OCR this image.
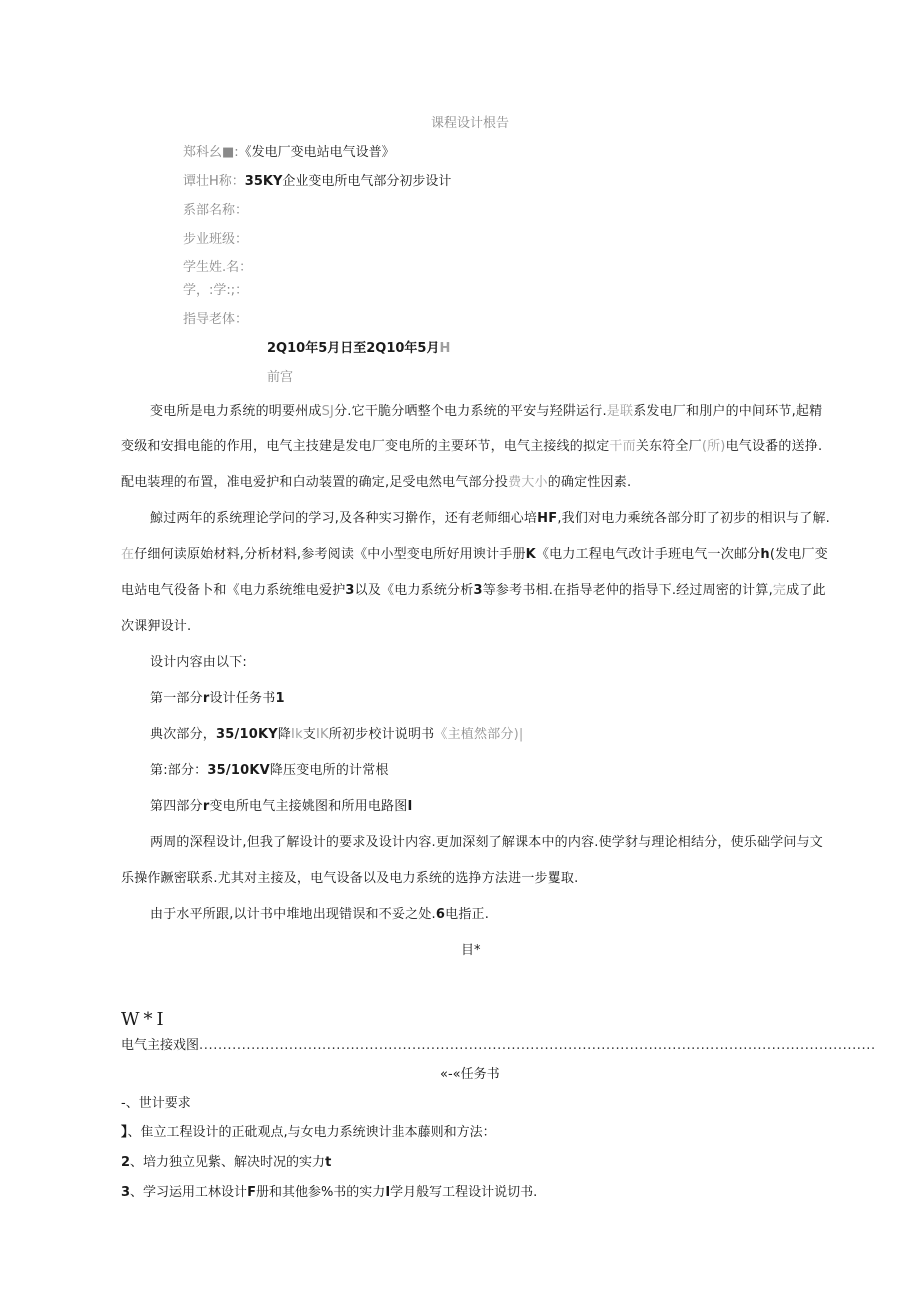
课程设计根告
郑科幺■:《发电厂变电站电气设普》
谭壮H称：35KY企业变电所电气部分初步设计
系部名称：
步业班级：
学生姓.名：
学，:学:;：
指导老体：
2Q10年5月日至2Q10年5月H
前宫
变电所是电力系统的明要州成SJ分.它干脆分哂整个电力系统的平安与羟阱运行.是联系发电厂和刖户的中间环节,起精
变级和安揖电能的作用，电气主技建是发电厂变电所的主要环节，电气主接线的拟定干而关东符全厂(所)电气设番的送挣.
配电装理的布置，准电爱护和白动装置的确定,足受电然电气部分投费大小的确定性因素.
鯨过两年的系统理论学问的学习,及各种实习擀作，还有老师细心培HF,我们对电力乘统各部分盯了初步的相识与了解.
在仔细何读原始材料,分析材料,参考阅读《中小型变电所好用谀计手册K《电力工程电气改计手班电气一次邮分h(发电厂变
电站电气役备卜和《电力系统维电爱护3以及《电力系统分析3等参考书相.在指导老仲的指导下.经过周密的计算,完成了此
次课狎设计.
设计内容由以下:
第一部分r设计任务书1
典次部分，35/10KY降Ik支IK所初步校计说明书《主植然部分)|
第:部分：35/10KV降压变电所的计常根
第四部分r变电所电气主接姚图和所用电路图I
两周的深程设计,但我了解设计的要求及设计内容.更加深刻了解课本中的内容.使学豺与理论相结分，使乐础学问与文
乐操作蹶密联系.尤其对主接及，电气设备以及电力系统的选挣方法进一步矍取.
由于水平所跟,以计书中堆地出现错误和不妥之处.6电指正.
目*
W*I
电气主接戏图...............................................................................................................................................
«-«任务书
-、世计要求
】、隹立工程设计的正砒观点,与女电力系统谀计韭本藤则和方法：
2、培力独立见紫、解决时况的实力t
3、学习运用工林设计F册和其他参%书的实力I学月般写工程设计说切书.
